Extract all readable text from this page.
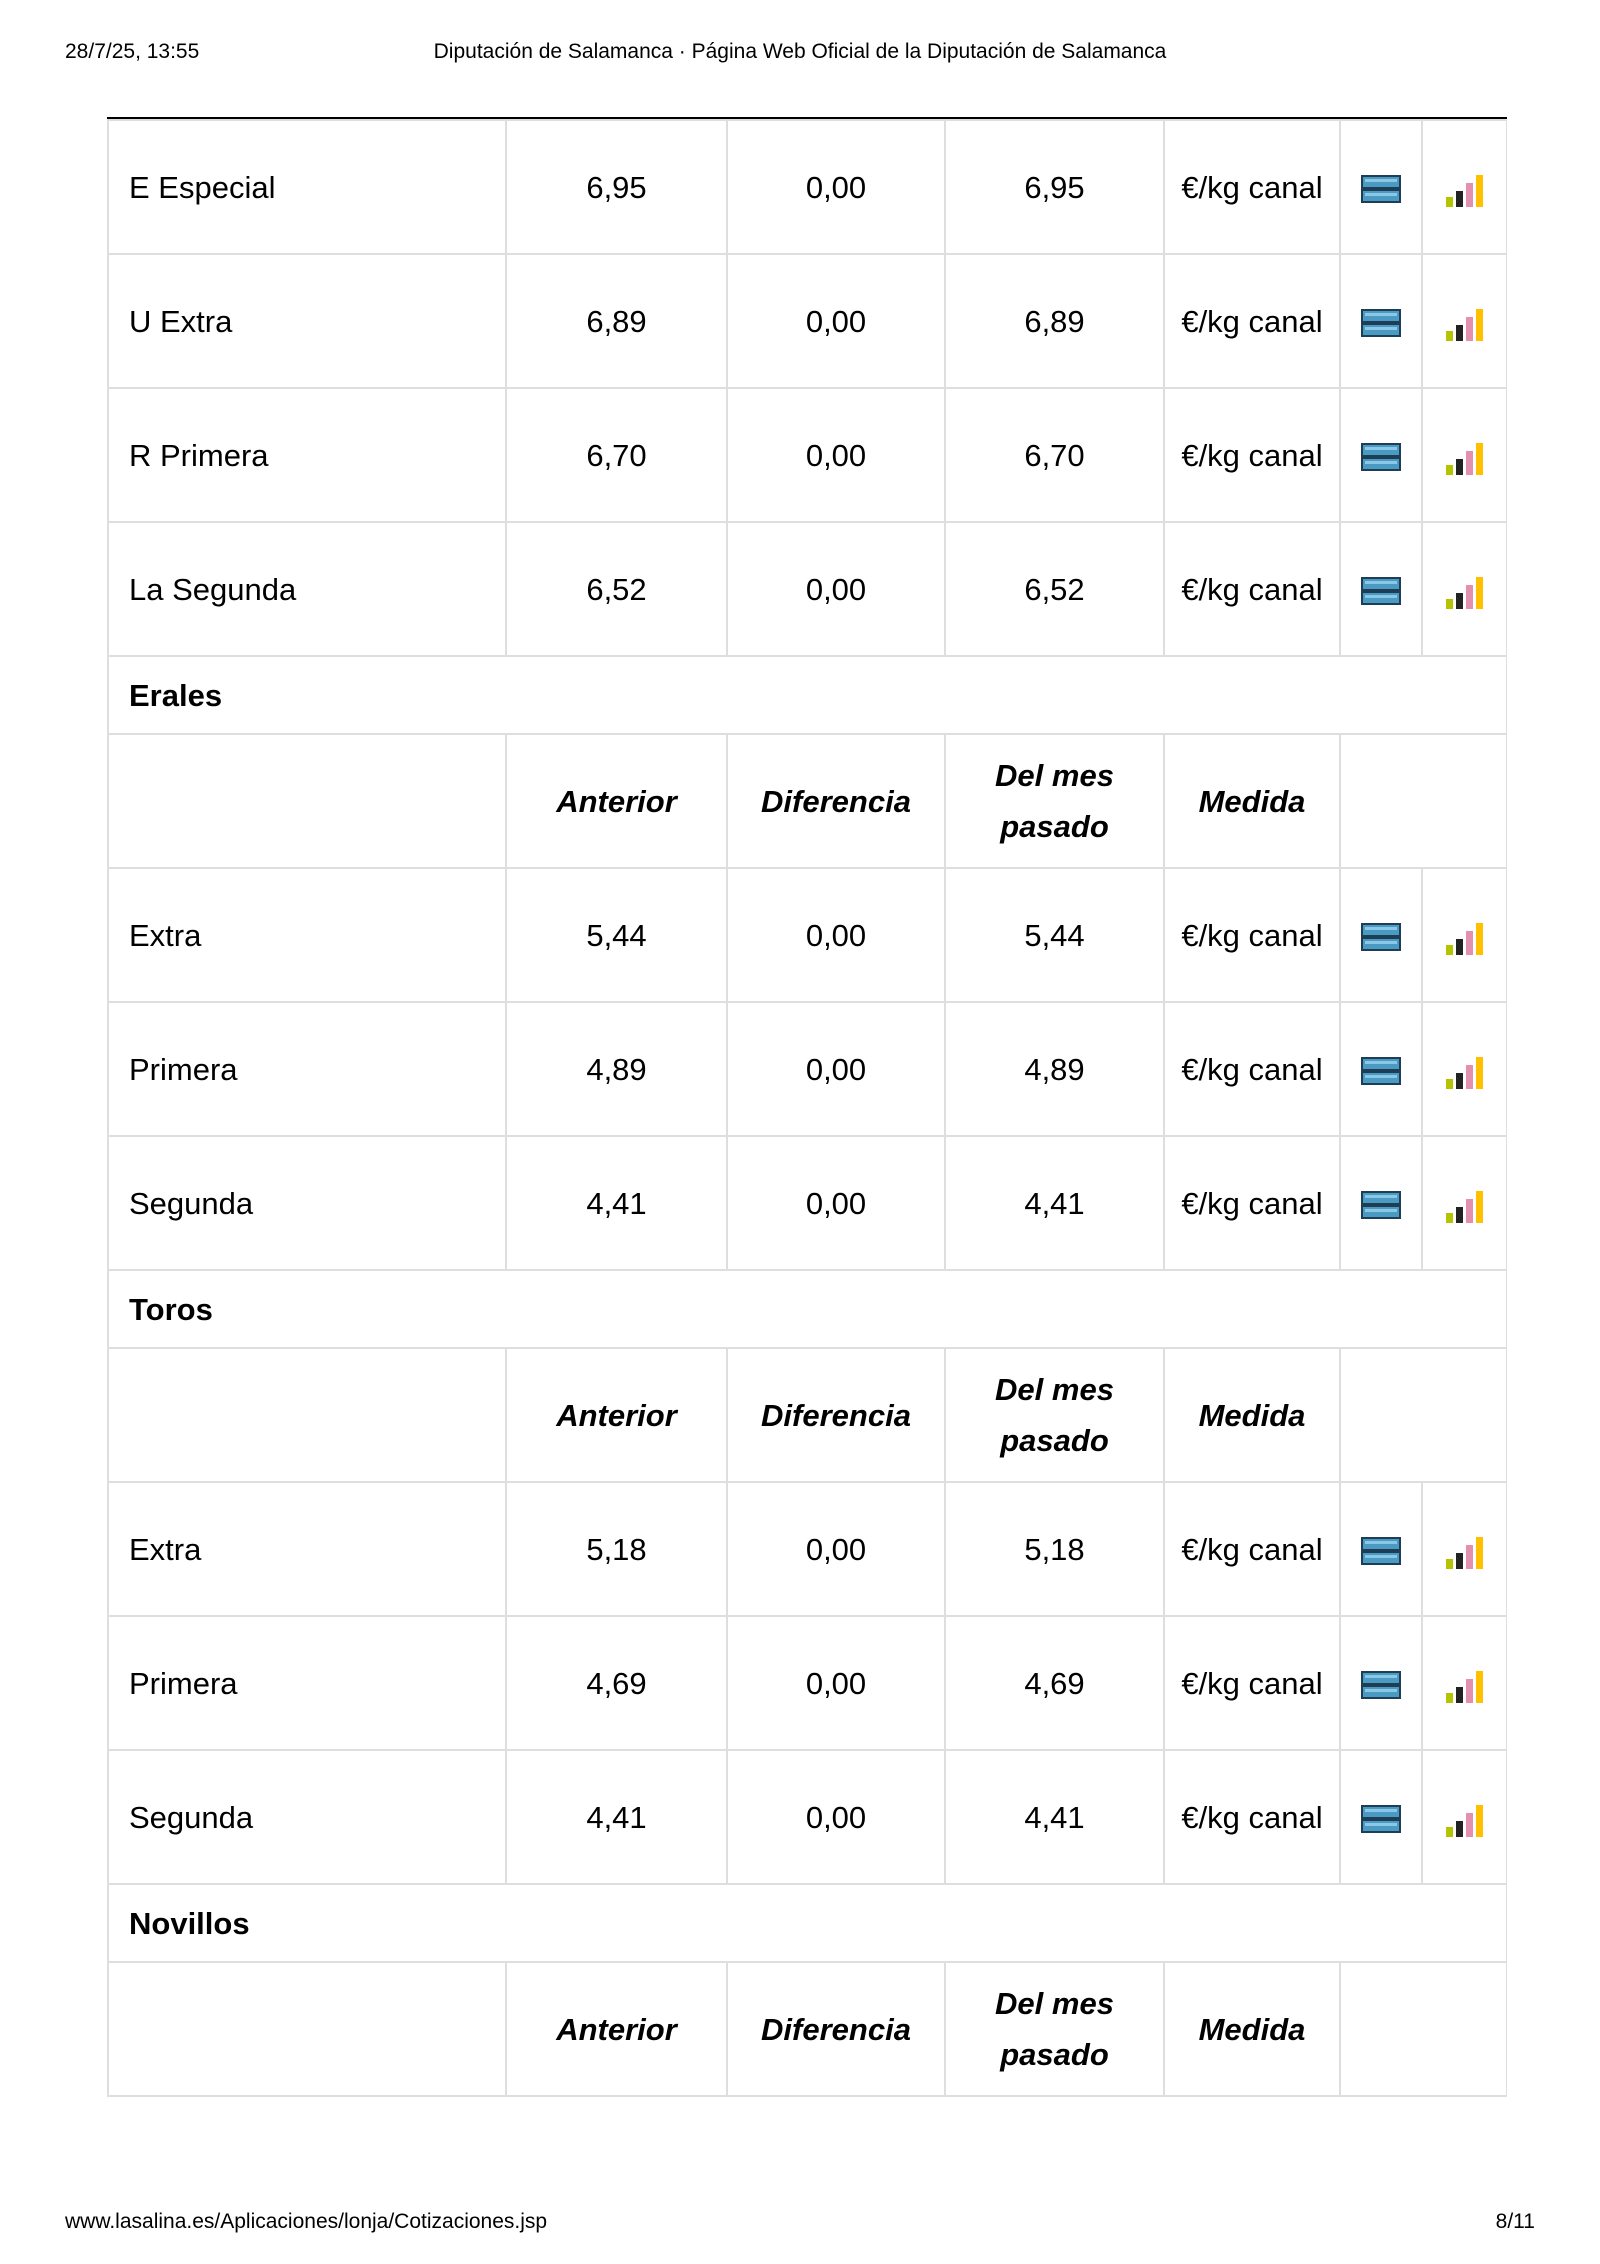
28/7/25, 13:55	Diputación de Salamanca · Página Web Oficial de la Diputación de Salamanca
E Especial	6,95	0,00	6,95	€/kg canal		
U Extra	6,89	0,00	6,89	€/kg canal		
R Primera	6,70	0,00	6,70	€/kg canal		
La Segunda	6,52	0,00	6,52	€/kg canal		
Erales						
	Anterior	Diferencia	Del mes pasado	Medida		
Extra	5,44	0,00	5,44	€/kg canal		
Primera	4,89	0,00	4,89	€/kg canal		
Segunda	4,41	0,00	4,41	€/kg canal		
Toros						
	Anterior	Diferencia	Del mes pasado	Medida		
Extra	5,18	0,00	5,18	€/kg canal		
Primera	4,69	0,00	4,69	€/kg canal		
Segunda	4,41	0,00	4,41	€/kg canal		
Novillos						
	Anterior	Diferencia	Del mes pasado	Medida		
www.lasalina.es/Aplicaciones/lonja/Cotizaciones.jsp	8/11
